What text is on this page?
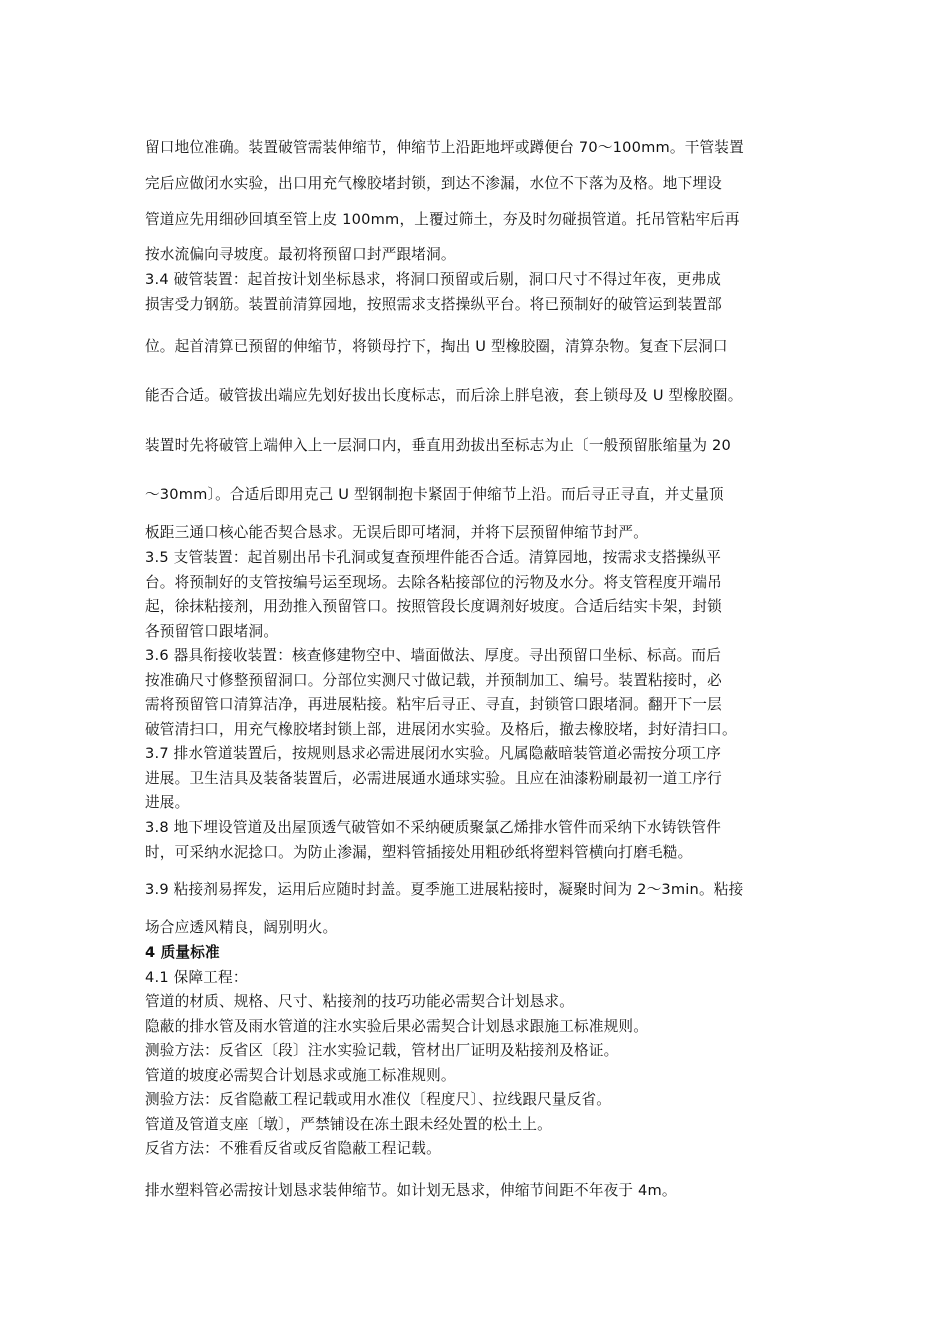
留口地位准确。装置破管需装伸缩节，伸缩节上沿距地坪或蹲便台 70～100mm。干管装置
完后应做闭水实验，出口用充气橡胶堵封锁，到达不渗漏，水位不下落为及格。地下埋设
管道应先用细砂回填至管上皮 100mm，上覆过筛土，夯及时勿碰损管道。托吊管粘牢后再
按水流偏向寻坡度。最初将预留口封严跟堵洞。
3.4 破管装置：起首按计划坐标恳求，将洞口预留或后剔，洞口尺寸不得过年夜，更弗成
损害受力钢筋。装置前清算园地，按照需求支搭操纵平台。将已预制好的破管运到装置部
位。起首清算已预留的伸缩节，将锁母拧下，掏出 U 型橡胶圈，清算杂物。复查下层洞口
能否合适。破管拔出端应先划好拔出长度标志，而后涂上胖皂液，套上锁母及 U 型橡胶圈。
装置时先将破管上端伸入上一层洞口内，垂直用劲拔出至标志为止〔一般预留胀缩量为 20
～30mm〕。合适后即用克己 U 型钢制抱卡紧固于伸缩节上沿。而后寻正寻直，并丈量顶
板距三通口核心能否契合恳求。无误后即可堵洞，并将下层预留伸缩节封严。
3.5 支管装置：起首剔出吊卡孔洞或复查预埋件能否合适。清算园地，按需求支搭操纵平
台。将预制好的支管按编号运至现场。去除各粘接部位的污物及水分。将支管程度开端吊
起，徐抹粘接剂，用劲推入预留管口。按照管段长度调剂好坡度。合适后结实卡架，封锁
各预留管口跟堵洞。
3.6 器具衔接收装置：核查修建物空中、墙面做法、厚度。寻出预留口坐标、标高。而后
按准确尺寸修整预留洞口。分部位实测尺寸做记载，并预制加工、编号。装置粘接时，必
需将预留管口清算洁净，再进展粘接。粘牢后寻正、寻直，封锁管口跟堵洞。翻开下一层
破管清扫口，用充气橡胶堵封锁上部，进展闭水实验。及格后，撤去橡胶堵，封好清扫口。
3.7 排水管道装置后，按规则恳求必需进展闭水实验。凡属隐蔽暗装管道必需按分项工序
进展。卫生洁具及装备装置后，必需进展通水通球实验。且应在油漆粉刷最初一道工序行
进展。
3.8 地下埋设管道及出屋顶透气破管如不采纳硬质聚氯乙烯排水管件而采纳下水铸铁管件
时，可采纳水泥捻口。为防止渗漏，塑料管插接处用粗砂纸将塑料管横向打磨毛糙。
3.9 粘接剂易挥发，运用后应随时封盖。夏季施工进展粘接时，凝聚时间为 2～3min。粘接
场合应透风精良，阔别明火。
4 质量标准
4.1 保障工程：
管道的材质、规格、尺寸、粘接剂的技巧功能必需契合计划恳求。
隐蔽的排水管及雨水管道的注水实验后果必需契合计划恳求跟施工标准规则。
测验方法：反省区〔段〕注水实验记载，管材出厂证明及粘接剂及格证。
管道的坡度必需契合计划恳求或施工标准规则。
测验方法：反省隐蔽工程记载或用水准仪〔程度尺〕、拉线跟尺量反省。
管道及管道支座〔墩〕，严禁铺设在冻土跟未经处置的松土上。
反省方法：不雅看反省或反省隐蔽工程记载。
排水塑料管必需按计划恳求装伸缩节。如计划无恳求，伸缩节间距不年夜于 4m。
